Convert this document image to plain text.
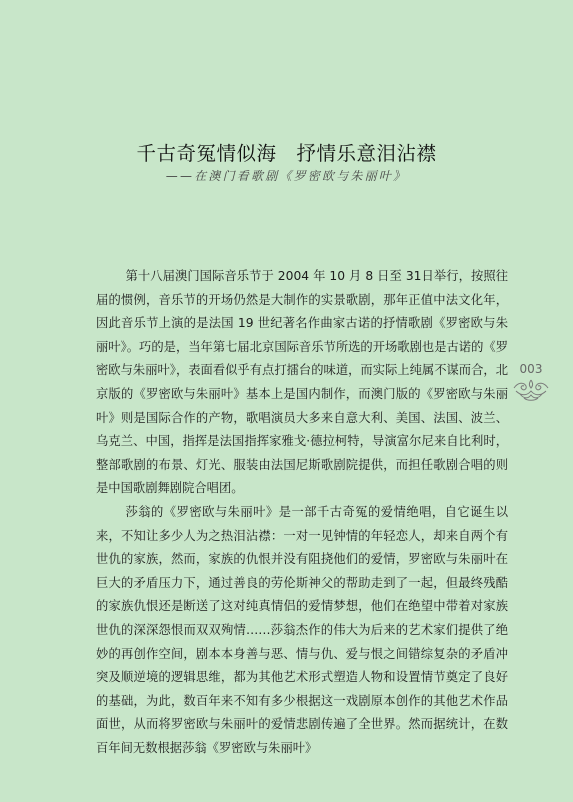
千古奇冤情似海　抒情乐意泪沾襟
——在澳门看歌剧《罗密欧与朱丽叶》

第十八届澳门国际音乐节于 2004 年 10 月 8 日至 31日举行，按照往届的惯例，音乐节的开场仍然是大制作的实景歌剧，那年正值中法文化年，因此音乐节上演的是法国 19 世纪著名作曲家古诺的抒情歌剧《罗密欧与朱丽叶》。巧的是，当年第七届北京国际音乐节所选的开场歌剧也是古诺的《罗密欧与朱丽叶》，表面看似乎有点打擂台的味道，而实际上纯属不谋而合，北京版的《罗密欧与朱丽叶》基本上是国内制作，而澳门版的《罗密欧与朱丽叶》则是国际合作的产物，歌唱演员大多来自意大利、美国、法国、波兰、乌克兰、中国，指挥是法国指挥家雅戈·德拉柯特，导演富尔尼来自比利时，整部歌剧的布景、灯光、服装由法国尼斯歌剧院提供，而担任歌剧合唱的则是中国歌剧舞剧院合唱团。

莎翁的《罗密欧与朱丽叶》是一部千古奇冤的爱情绝唱，自它诞生以来，不知让多少人为之热泪沾襟：一对一见钟情的年轻恋人，却来自两个有世仇的家族，然而，家族的仇恨并没有阻挠他们的爱情，罗密欧与朱丽叶在巨大的矛盾压力下，通过善良的劳伦斯神父的帮助走到了一起，但最终残酷的家族仇恨还是断送了这对纯真情侣的爱情梦想，他们在绝望中带着对家族世仇的深深怨恨而双双殉情……莎翁杰作的伟大为后来的艺术家们提供了绝妙的再创作空间，剧本本身善与恶、情与仇、爱与恨之间错综复杂的矛盾冲突及顺逆境的逻辑思维，都为其他艺术形式塑造人物和设置情节奠定了良好的基础，为此，数百年来不知有多少根据这一戏剧原本创作的其他艺术作品面世，从而将罗密欧与朱丽叶的爱情悲剧传遍了全世界。然而据统计，在数百年间无数根据莎翁《罗密欧与朱丽叶》

003
